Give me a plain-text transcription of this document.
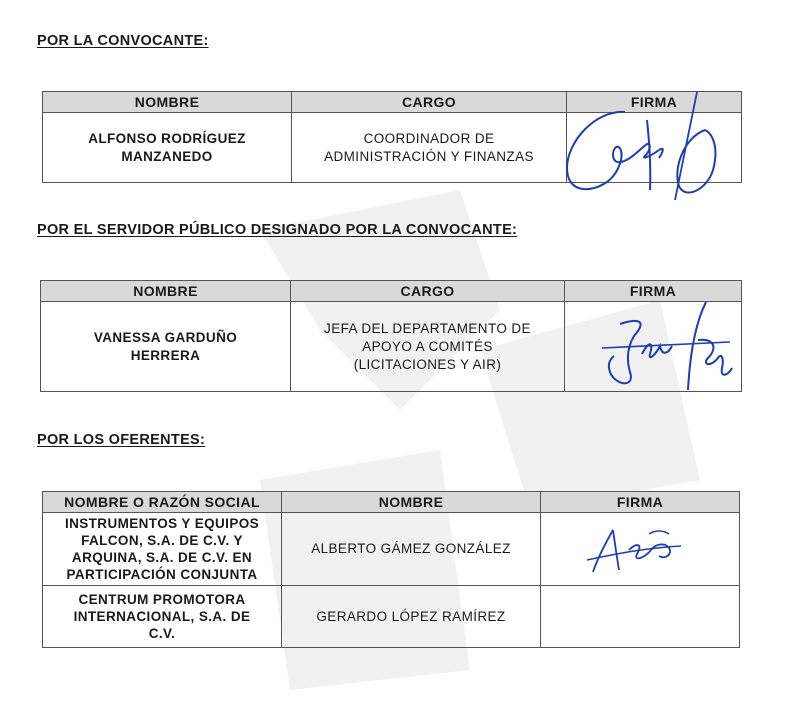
POR LA CONVOCANTE:
NOMBRE	CARGO	FIRMA
ALFONSO RODRÍGUEZ MANZANEDO	COORDINADOR DE ADMINISTRACIÓN Y FINANZAS	
POR EL SERVIDOR PÚBLICO DESIGNADO POR LA CONVOCANTE:
NOMBRE	CARGO	FIRMA
VANESSA GARDUÑO HERRERA	JEFA DEL DEPARTAMENTO DE APOYO A COMITÉS (LICITACIONES Y AIR)	
POR LOS OFERENTES:
NOMBRE O RAZÓN SOCIAL	NOMBRE	FIRMA
INSTRUMENTOS Y EQUIPOS FALCON, S.A. DE C.V. Y ARQUINA, S.A. DE C.V. EN PARTICIPACIÓN CONJUNTA	ALBERTO GÁMEZ GONZÁLEZ	
CENTRUM PROMOTORA INTERNACIONAL, S.A. DE C.V.	GERARDO LÓPEZ RAMÍREZ	
